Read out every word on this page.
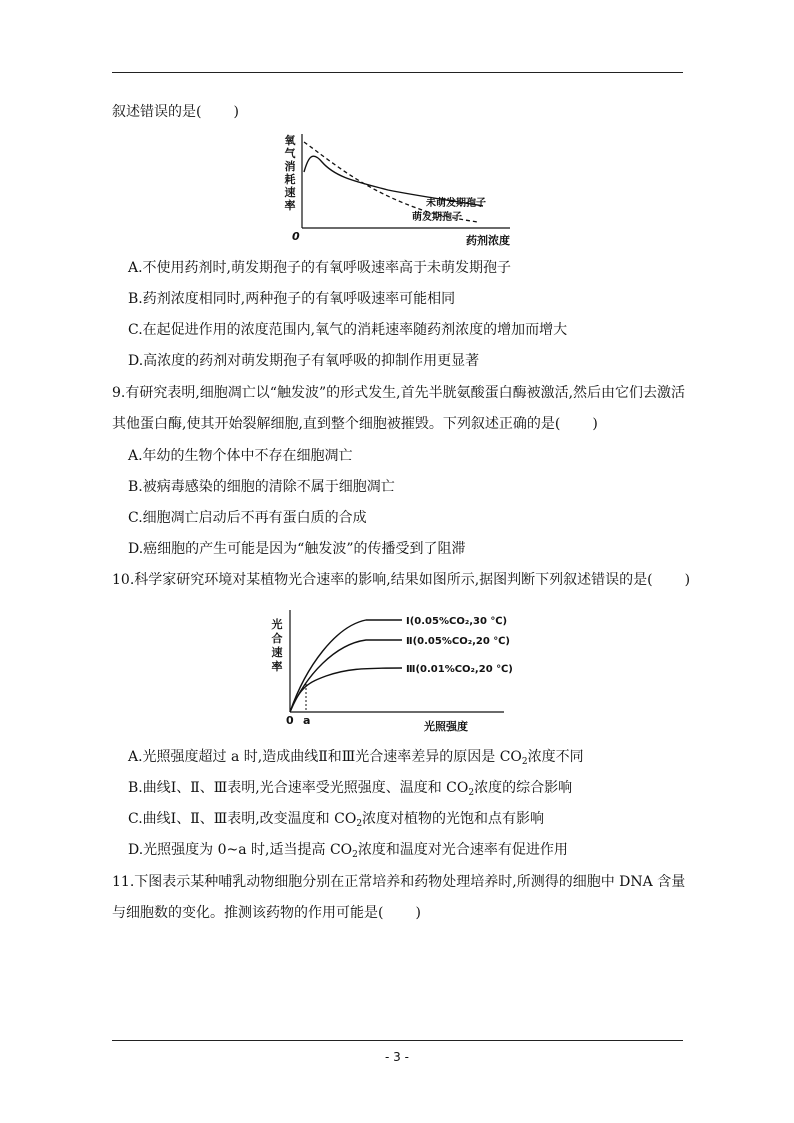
叙述错误的是( )
氧
气
消
耗
速
率
0	药剂浓度
未萌发期孢子
萌发期孢子
A.不使用药剂时,萌发期孢子的有氧呼吸速率高于未萌发期孢子
B.药剂浓度相同时,两种孢子的有氧呼吸速率可能相同
C.在起促进作用的浓度范围内,氧气的消耗速率随药剂浓度的增加而增大
D.高浓度的药剂对萌发期孢子有氧呼吸的抑制作用更显著
9.有研究表明,细胞凋亡以“触发波”的形式发生,首先半胱氨酸蛋白酶被激活,然后由它们去激活
其他蛋白酶,使其开始裂解细胞,直到整个细胞被摧毁。下列叙述正确的是( )
A.年幼的生物个体中不存在细胞凋亡
B.被病毒感染的细胞的清除不属于细胞凋亡
C.细胞凋亡启动后不再有蛋白质的合成
D.癌细胞的产生可能是因为“触发波”的传播受到了阻滞
10.科学家研究环境对某植物光合速率的影响,结果如图所示,据图判断下列叙述错误的是( )
光
合
速
率
0 a	光照强度
Ⅰ(0.05%CO₂,30 ℃)
Ⅱ(0.05%CO₂,20 ℃)
Ⅲ(0.01%CO₂,20 ℃)
A.光照强度超过 a 时,造成曲线Ⅱ和Ⅲ光合速率差异的原因是 $CO_2$浓度不同
B.曲线Ⅰ、Ⅱ、Ⅲ表明,光合速率受光照强度、温度和 $CO_2$浓度的综合影响
C.曲线Ⅰ、Ⅱ、Ⅲ表明,改变温度和 $CO_2$浓度对植物的光饱和点有影响
D.光照强度为 0~a 时,适当提高 $CO_2$浓度和温度对光合速率有促进作用
11.下图表示某种哺乳动物细胞分别在正常培养和药物处理培养时,所测得的细胞中 DNA 含量
与细胞数的变化。推测该药物的作用可能是( )
- 3 -
